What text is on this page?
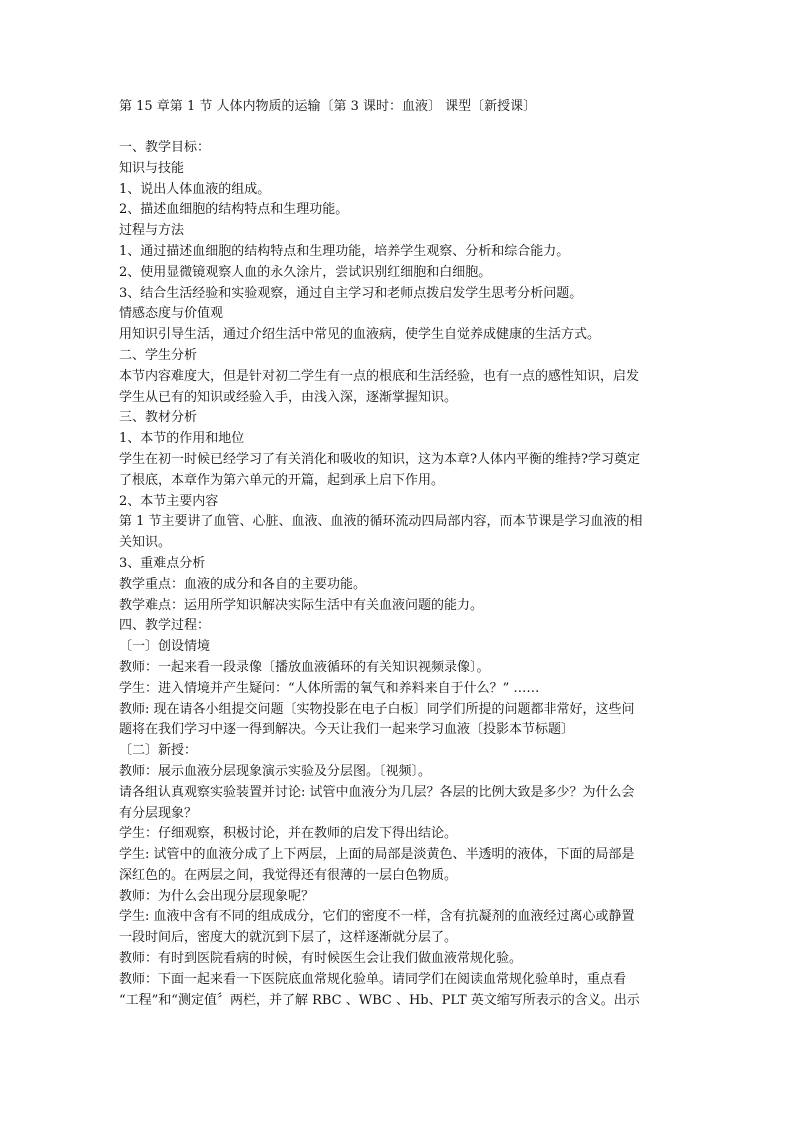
第 15 章第 1 节 人体内物质的运输〔第 3 课时：血液〕 课型〔新授课〕
一、教学目标：
知识与技能
1、说出人体血液的组成。
2、描述血细胞的结构特点和生理功能。
过程与方法
1、通过描述血细胞的结构特点和生理功能，培养学生观察、分析和综合能力。
2、使用显微镜观察人血的永久涂片，尝试识别红细胞和白细胞。
3、结合生活经验和实验观察，通过自主学习和老师点拨启发学生思考分析问题。
情感态度与价值观
用知识引导生活，通过介绍生活中常见的血液病，使学生自觉养成健康的生活方式。
二、学生分析
本节内容难度大，但是针对初二学生有一点的根底和生活经验，也有一点的感性知识，启发
学生从已有的知识或经验入手，由浅入深，逐渐掌握知识。
三、教材分析
1、本节的作用和地位
学生在初一时候已经学习了有关消化和吸收的知识，这为本章?人体内平衡的维持?学习奠定
了根底，本章作为第六单元的开篇，起到承上启下作用。
2、本节主要内容
第 1 节主要讲了血管、心脏、血液、血液的循环流动四局部内容，而本节课是学习血液的相
关知识。
3、重难点分析
教学重点：血液的成分和各自的主要功能。
教学难点：运用所学知识解决实际生活中有关血液问题的能力。
四、教学过程：
〔一〕创设情境
教师：一起来看一段录像〔播放血液循环的有关知识视频录像〕。
学生：进入情境并产生疑问：“人体所需的氧气和养料来自于什么？” ……
教师: 现在请各小组提交问题〔实物投影在电子白板〕同学们所提的问题都非常好，这些问
题将在我们学习中逐一得到解决。今天让我们一起来学习血液〔投影本节标题〕
〔二〕新授：
教师：展示血液分层现象演示实验及分层图。〔视频〕。
请各组认真观察实验装置并讨论: 试管中血液分为几层？各层的比例大致是多少？为什么会
有分层现象？
学生：仔细观察，积极讨论，并在教师的启发下得出结论。
学生: 试管中的血液分成了上下两层，上面的局部是淡黄色、半透明的液体，下面的局部是
深红色的。在两层之间，我觉得还有很薄的一层白色物质。
教师：为什么会出现分层现象呢？
学生: 血液中含有不同的组成成分，它们的密度不一样，含有抗凝剂的血液经过离心或静置
一段时间后，密度大的就沉到下层了，这样逐渐就分层了。
教师：有时到医院看病的时候，有时候医生会让我们做血液常规化验。
教师：下面一起来看一下医院底血常规化验单。请同学们在阅读血常规化验单时，重点看
“工程”和“测定值〞两栏，并了解 RBC 、WBC 、Hb、PLT 英文缩写所表示的含义。出示
